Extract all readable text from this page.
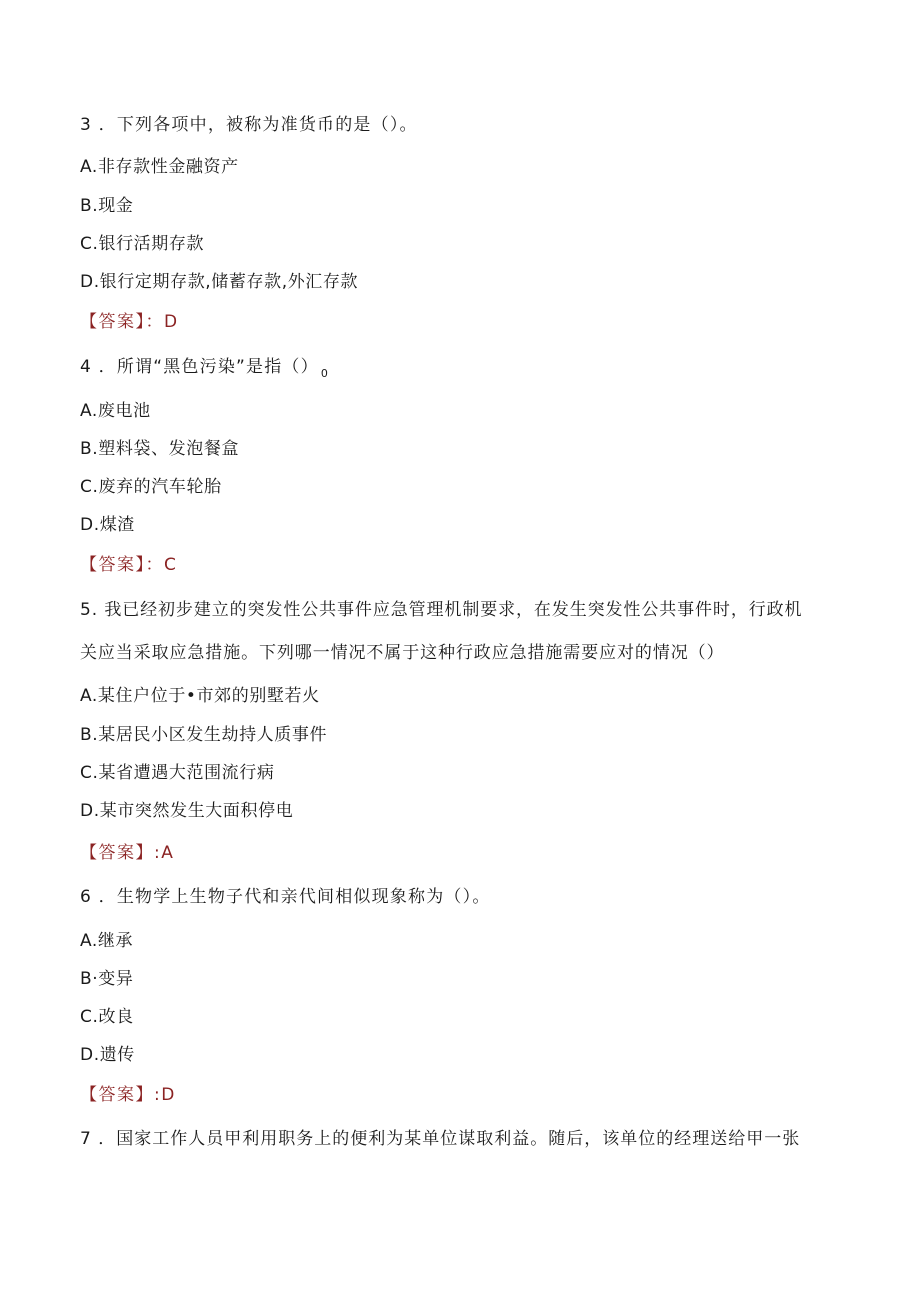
3 ．下列各项中，被称为准货币的是（）。
A.非存款性金融资产
B.现金
C.银行活期存款
D.银行定期存款,储蓄存款,外汇存款
【答案】：D
4 ．所谓“黑色污染”是指（） $_0$
A.废电池
B.塑料袋、发泡餐盒
C.废弃的汽车轮胎
D.煤渣
【答案】：C
5. 我已经初步建立的突发性公共事件应急管理机制要求，在发生突发性公共事件时，行政机
关应当采取应急措施。下列哪一情况不属于这种行政应急措施需要应对的情况（）
A.某住户位于•市郊的别墅若火
B.某居民小区发生劫持人质事件
C.某省遭遇大范围流行病
D.某市突然发生大面积停电
【答案】:A
6 ．生物学上生物子代和亲代间相似现象称为（）。
A.继承
B·变异
C.改良
D.遗传
【答案】:D
7 ．国家工作人员甲利用职务上的便利为某单位谋取利益。随后，该单位的经理送给甲一张
